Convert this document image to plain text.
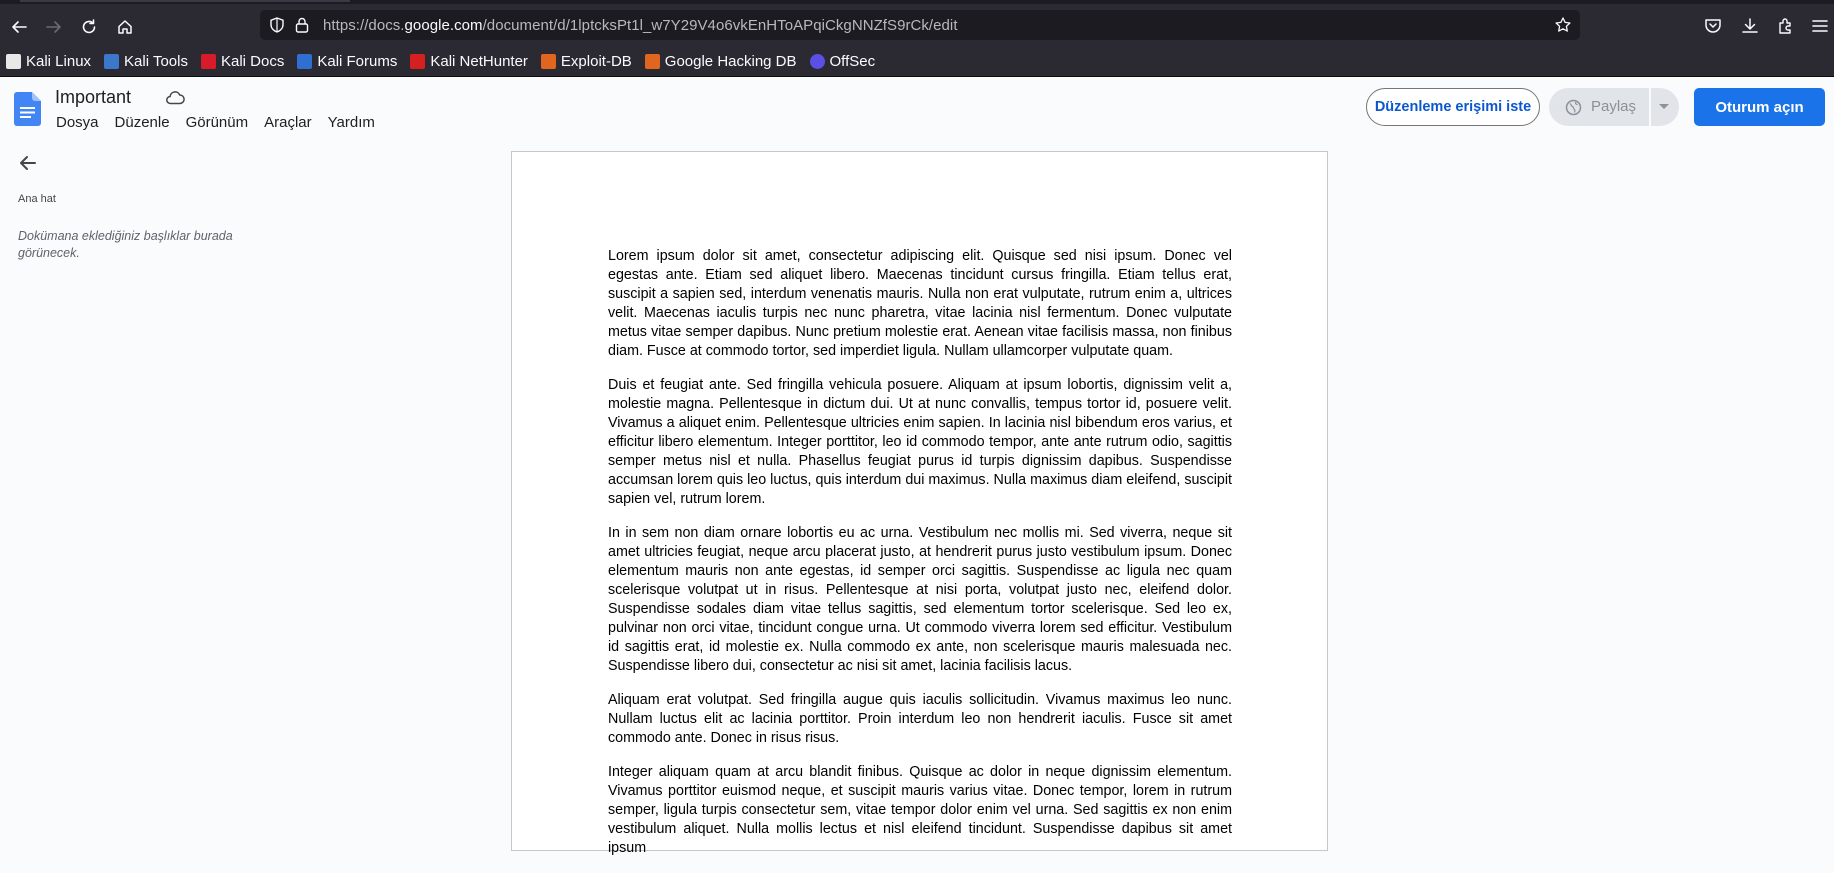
https://docs.google.com/document/d/1lptcksPt1l_w7Y29V4o6vkEnHToAPqiCkgNNZfS9rCk/edit
Kali Linux Kali Tools Kali Docs Kali Forums Kali NetHunter Exploit-DB Google Hacking DB OffSec
Important
Dosya Düzenle Görünüm Araçlar Yardım
Düzenleme erişimi iste	Paylaş	Oturum açın
Ana hat
Dokümana eklediğiniz başlıklar burada görünecek.	Lorem ipsum dolor sit amet, consectetur adipiscing elit. Quisque sed nisi ipsum. Donec vel egestas ante. Etiam sed aliquet libero. Maecenas tincidunt cursus fringilla. Etiam tellus erat, suscipit a sapien sed, interdum venenatis mauris. Nulla non erat vulputate, rutrum enim a, ultrices velit. Maecenas iaculis turpis nec nunc pharetra, vitae lacinia nisl fermentum. Donec vulputate metus vitae semper dapibus. Nunc pretium molestie erat. Aenean vitae facilisis massa, non finibus diam. Fusce at commodo tortor, sed imperdiet ligula. Nullam ullamcorper vulputate quam.

Duis et feugiat ante. Sed fringilla vehicula posuere. Aliquam at ipsum lobortis, dignissim velit a, molestie magna. Pellentesque in dictum dui. Ut at nunc convallis, tempus tortor id, posuere velit. Vivamus a aliquet enim. Pellentesque ultricies enim sapien. In lacinia nisl bibendum eros varius, et efficitur libero elementum. Integer porttitor, leo id commodo tempor, ante ante rutrum odio, sagittis semper metus nisl et nulla. Phasellus feugiat purus id turpis dignissim dapibus. Suspendisse accumsan lorem quis leo luctus, quis interdum dui maximus. Nulla maximus diam eleifend, suscipit sapien vel, rutrum lorem.

In in sem non diam ornare lobortis eu ac urna. Vestibulum nec mollis mi. Sed viverra, neque sit amet ultricies feugiat, neque arcu placerat justo, at hendrerit purus justo vestibulum ipsum. Donec elementum mauris non ante egestas, id semper orci sagittis. Suspendisse ac ligula nec quam scelerisque volutpat ut in risus. Pellentesque at nisi porta, volutpat justo nec, eleifend dolor. Suspendisse sodales diam vitae tellus sagittis, sed elementum tortor scelerisque. Sed leo ex, pulvinar non orci vitae, tincidunt congue urna. Ut commodo viverra lorem sed efficitur. Vestibulum id sagittis erat, id molestie ex. Nulla commodo ex ante, non scelerisque mauris malesuada nec. Suspendisse libero dui, consectetur ac nisi sit amet, lacinia facilisis lacus.

Aliquam erat volutpat. Sed fringilla augue quis iaculis sollicitudin. Vivamus maximus leo nunc. Nullam luctus elit ac lacinia porttitor. Proin interdum leo non hendrerit iaculis. Fusce sit amet commodo ante. Donec in risus risus.

Integer aliquam quam at arcu blandit finibus. Quisque ac dolor in neque dignissim elementum. Vivamus porttitor euismod neque, et suscipit mauris varius vitae. Donec tempor, lorem in rutrum semper, ligula turpis consectetur sem, vitae tempor dolor enim vel urna. Sed sagittis ex non enim vestibulum aliquet. Nulla mollis lectus et nisl eleifend tincidunt. Suspendisse dapibus sit amet ipsum
